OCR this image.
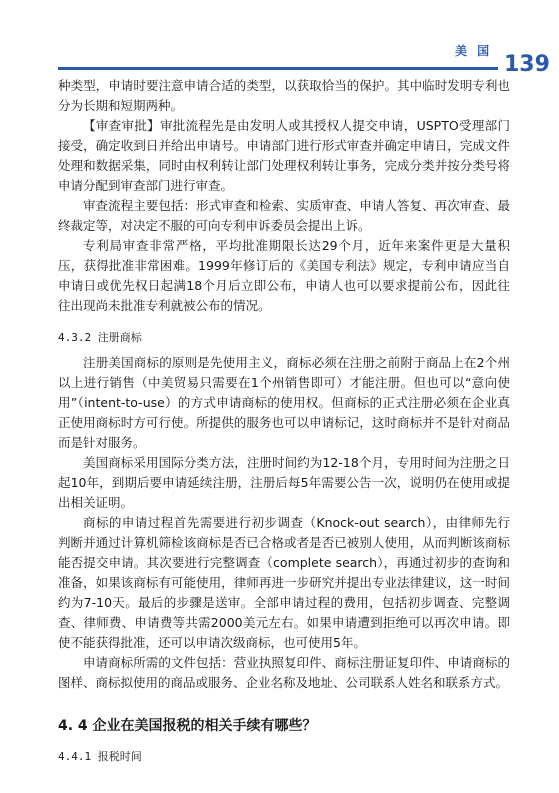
美 国
139

种类型，申请时要注意申请合适的类型，以获取恰当的保护。其中临时发明专利也分为长期和短期两种。

【审查审批】审批流程先是由发明人或其授权人提交申请，USPTO受理部门接受，确定收到日并给出申请号。申请部门进行形式审查并确定申请日，完成文件处理和数据采集，同时由权利转让部门处理权利转让事务，完成分类并按分类号将申请分配到审查部门进行审查。

审查流程主要包括：形式审查和检索、实质审查、申请人答复、再次审查、最终裁定等，对决定不服的可向专利申诉委员会提出上诉。

专利局审查非常严格，平均批准期限长达29个月，近年来案件更是大量积压，获得批准非常困难。1999年修订后的《美国专利法》规定，专利申请应当自申请日或优先权日起满18个月后立即公布，申请人也可以要求提前公布，因此往往出现尚未批准专利就被公布的情况。

4.3.2 注册商标

注册美国商标的原则是先使用主义，商标必须在注册之前附于商品上在2个州以上进行销售（中美贸易只需要在1个州销售即可）才能注册。但也可以“意向使用”（intent-to-use）的方式申请商标的使用权。但商标的正式注册必须在企业真正使用商标时方可行使。所提供的服务也可以申请标记，这时商标并不是针对商品而是针对服务。

美国商标采用国际分类方法，注册时间约为12-18个月，专用时间为注册之日起10年，到期后要申请延续注册，注册后每5年需要公告一次，说明仍在使用或提出相关证明。

商标的申请过程首先需要进行初步调查（Knock-out search），由律师先行判断并通过计算机筛检该商标是否已合格或者是否已被别人使用，从而判断该商标能否提交申请。其次要进行完整调查（complete search），再通过初步的查询和准备，如果该商标有可能使用，律师再进一步研究并提出专业法律建议，这一时间约为7-10天。最后的步骤是送审。全部申请过程的费用，包括初步调查、完整调查、律师费、申请费等共需2000美元左右。如果申请遭到拒绝可以再次申请。即使不能获得批准，还可以申请次级商标，也可使用5年。

申请商标所需的文件包括：营业执照复印件、商标注册证复印件、申请商标的图样、商标拟使用的商品或服务、企业名称及地址、公司联系人姓名和联系方式。

4. 4 企业在美国报税的相关手续有哪些？
4.4.1 报税时间
